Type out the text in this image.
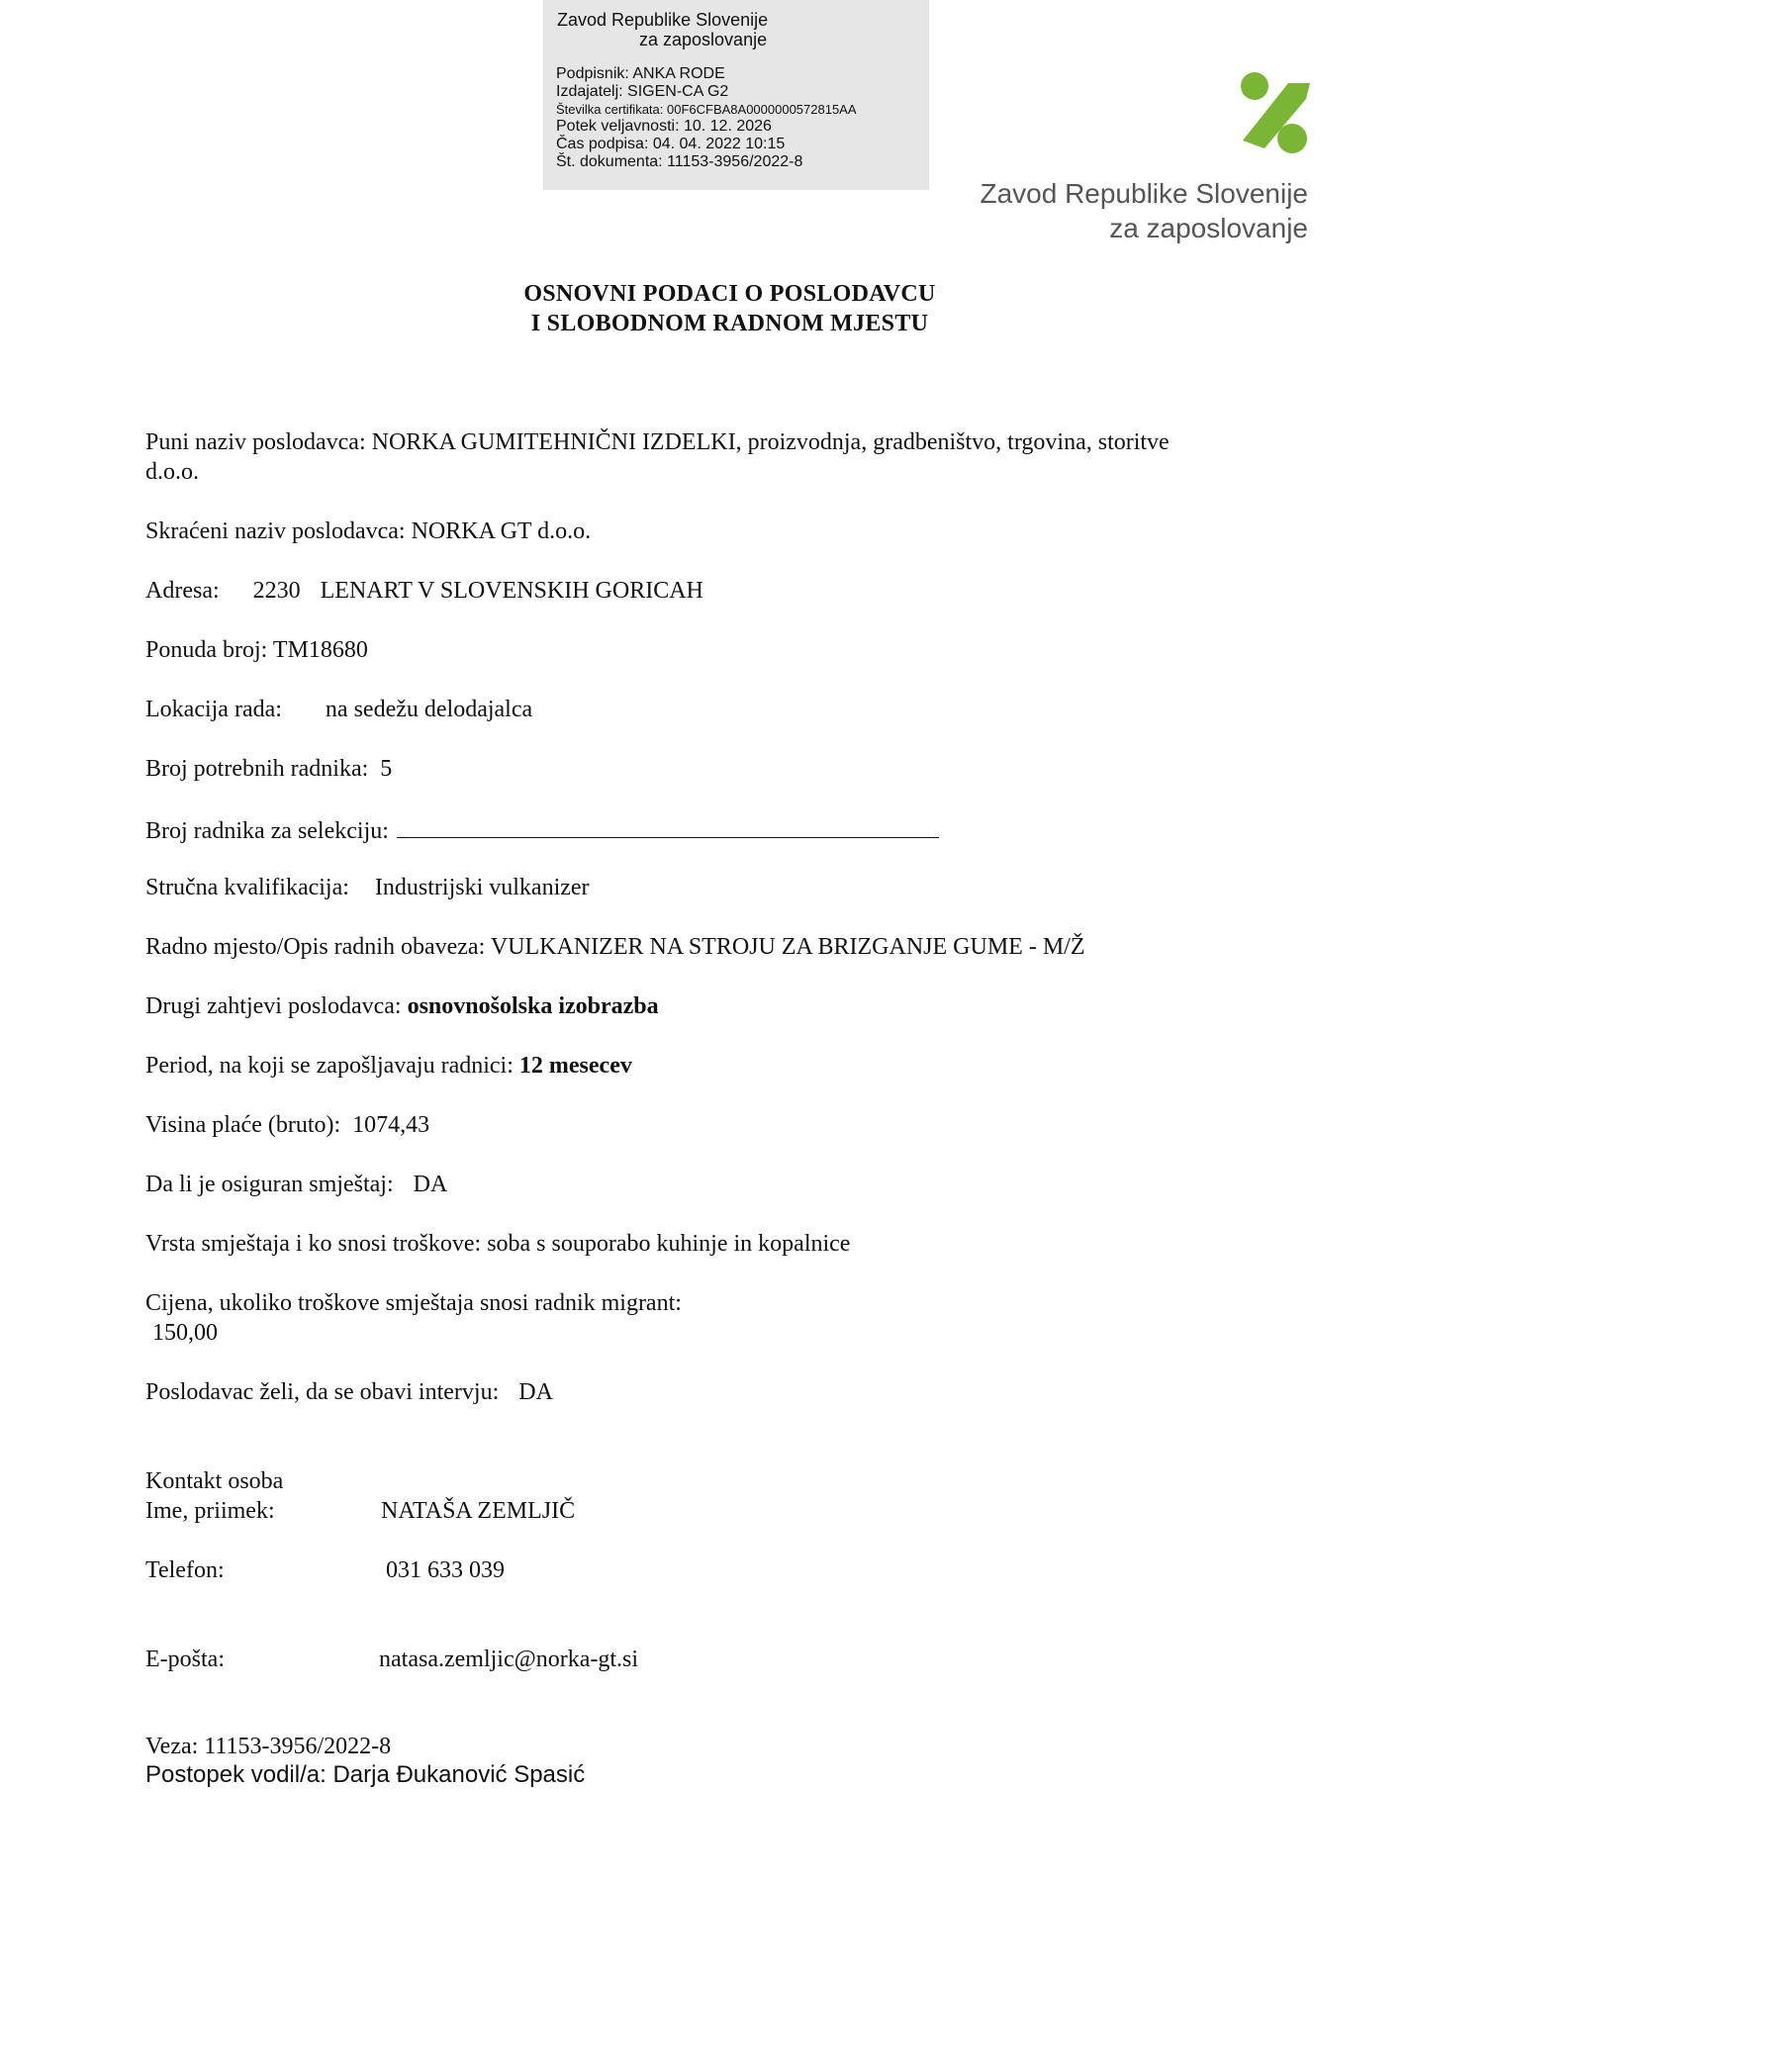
Zavod Republike Slovenije
za zaposlovanje
Podpisnik: ANKA RODE
Izdajatelj: SIGEN-CA G2
Številka certifikata: 00F6CFBA8A0000000572815AA
Potek veljavnosti: 10. 12. 2026
Čas podpisa: 04. 04. 2022 10:15
Št. dokumenta: 11153-3956/2022-8
Zavod Republike Slovenije
za zaposlovanje
OSNOVNI PODACI O POSLODAVCU
I SLOBODNOM RADNOM MJESTU
Puni naziv poslodavca: NORKA GUMITEHNIČNI IZDELKI, proizvodnja, gradbeništvo, trgovina, storitve
d.o.o.
Skraćeni naziv poslodavca: NORKA GT d.o.o.
Adresa: 2230 LENART V SLOVENSKIH GORICAH
Ponuda broj: TM18680
Lokacija rada: na sedežu delodajalca
Broj potrebnih radnika: 5
Broj radnika za selekciju:
Stručna kvalifikacija: Industrijski vulkanizer
Radno mjesto/Opis radnih obaveza: VULKANIZER NA STROJU ZA BRIZGANJE GUME - M/Ž
Drugi zahtjevi poslodavca: osnovnošolska izobrazba
Period, na koji se zapošljavaju radnici: 12 mesecev
Visina plaće (bruto): 1074,43
Da li je osiguran smještaj: DA
Vrsta smještaja i ko snosi troškove: soba s souporabo kuhinje in kopalnice
Cijena, ukoliko troškove smještaja snosi radnik migrant:
150,00
Poslodavac želi, da se obavi intervju: DA
Kontakt osoba
Ime, priimek:	NATAŠA ZEMLJIČ
Telefon:	031 633 039
E-pošta:	natasa.zemljic@norka-gt.si
Veza: 11153-3956/2022-8
Postopek vodil/a: Darja Đukanović Spasić
